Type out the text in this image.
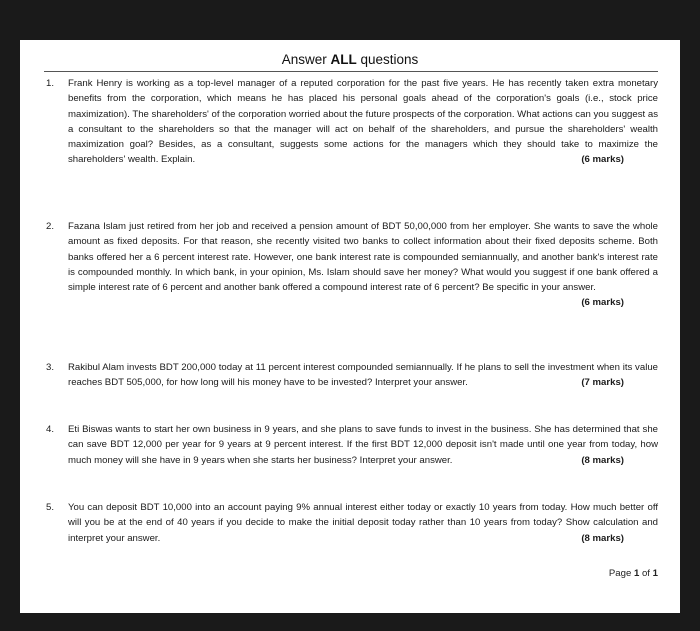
Answer ALL questions
1. Frank Henry is working as a top-level manager of a reputed corporation for the past five years. He has recently taken extra monetary benefits from the corporation, which means he has placed his personal goals ahead of the corporation's goals (i.e., stock price maximization). The shareholders' of the corporation worried about the future prospects of the corporation. What actions can you suggest as a consultant to the shareholders so that the manager will act on behalf of the shareholders, and pursue the shareholders' wealth maximization goal? Besides, as a consultant, suggests some actions for the managers which they should take to maximize the shareholders' wealth. Explain.	(6 marks)
2. Fazana Islam just retired from her job and received a pension amount of BDT 50,00,000 from her employer. She wants to save the whole amount as fixed deposits. For that reason, she recently visited two banks to collect information about their fixed deposits scheme. Both banks offered her a 6 percent interest rate. However, one bank interest rate is compounded semiannually, and another bank's interest rate is compounded monthly. In which bank, in your opinion, Ms. Islam should save her money? What would you suggest if one bank offered a simple interest rate of 6 percent and another bank offered a compound interest rate of 6 percent? Be specific in your answer.
(6 marks)
3. Rakibul Alam invests BDT 200,000 today at 11 percent interest compounded semiannually. If he plans to sell the investment when its value reaches BDT 505,000, for how long will his money have to be invested? Interpret your answer.	(7 marks)
4. Eti Biswas wants to start her own business in 9 years, and she plans to save funds to invest in the business. She has determined that she can save BDT 12,000 per year for 9 years at 9 percent interest. If the first BDT 12,000 deposit isn't made until one year from today, how much money will she have in 9 years when she starts her business? Interpret your answer.	(8 marks)
5. You can deposit BDT 10,000 into an account paying 9% annual interest either today or exactly 10 years from today. How much better off will you be at the end of 40 years if you decide to make the initial deposit today rather than 10 years from today? Show calculation and interpret your answer.	(8 marks)
Page 1 of 1
